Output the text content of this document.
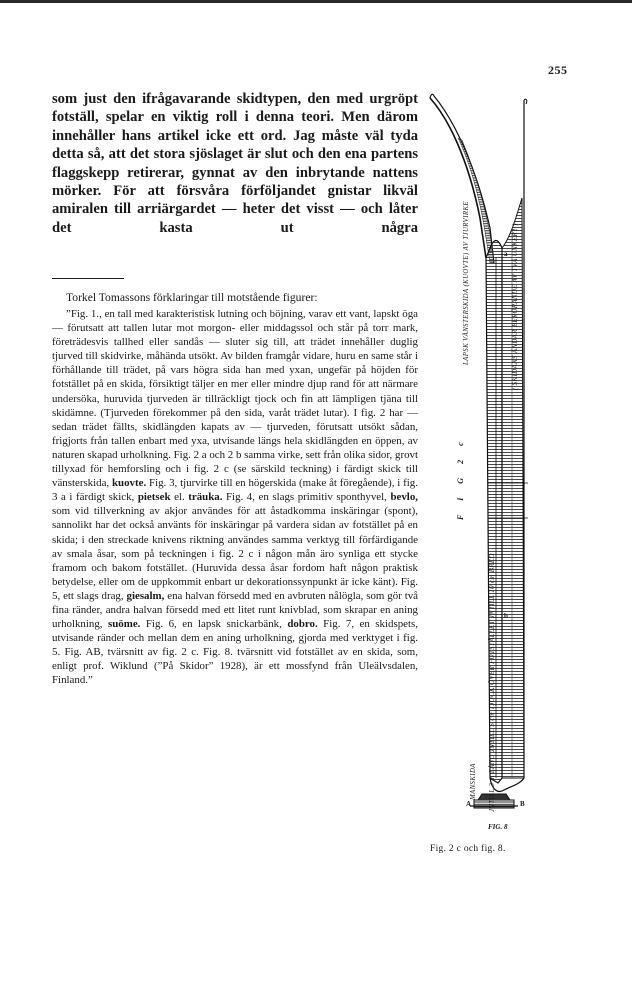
255
som just den ifrågavarande skidtypen, den med urgröpt fotställ, spelar en viktig roll i denna teori. Men därom innehåller hans artikel icke ett ord. Jag måste väl tyda detta så, att det stora sjöslaget är slut och den ena partens flaggskepp retirerar, gynnat av den inbrytande nattens mörker. För att försvåra förföljandet gnistar likväl amiralen till arriärgardet — heter det visst — och låter det kasta ut några
Torkel Tomassons förklaringar till motstående figurer:
”Fig. 1., en tall med karakteristisk lutning och böjning, varav ett vant, lapskt öga — förutsatt att tallen lutar mot morgon- eller middagssol och står på torr mark, företrädesvis tallhed eller sandås — sluter sig till, att trädet innehåller duglig tjurved till skidvirke, måhända utsökt. Av bilden framgår vidare, huru en same står i förhållande till trädet, på vars högra sida han med yxan, ungefär på höjden för fotstället på en skida, försiktigt täljer en mer eller mindre djup rand för att närmare undersöka, huruvida tjurveden är tillräckligt tjock och fin att lämpligen tjäna till skidämne. (Tjurveden förekommer på den sida, varåt trädet lutar). I fig. 2 har — sedan trädet fällts, skidlängden kapats av — tjurveden, förutsatt utsökt sådan, frigjorts från tallen enbart med yxa, utvisande längs hela skidlängden en öppen, av naturen skapad urholkning. Fig. 2 a och 2 b samma virke, sett från olika sidor, grovt tillyxad för hemforsling och i fig. 2 c (se särskild teckning) i färdigt skick till vänsterskida, kuovte. Fig. 3, tjurvirke till en högerskida (make åt föregående), i fig. 3 a i färdigt skick, pietsek el. träuka. Fig. 4, en slags primitiv sponthyvel, bevlo, som vid tillverkning av akjor användes för att åstadkomma inskäringar (spont), sannolikt har det också använts för inskäringar på vardera sidan av fotstället på en skida; i den streckade knivens riktning användes samma verktyg till förfärdigande av smala åsar, som på teckningen i fig. 2 c i någon mån äro synliga ett stycke framom och bakom fotstället. (Huruvida dessa åsar fordom haft någon praktisk betydelse, eller om de uppkommit enbart ur dekorationssynpunkt är icke känt). Fig. 5, ett slags drag, giesalm, ena halvan försedd med en avbruten nålögla, som gör två fina ränder, andra halvan försedd med ett litet runt knivblad, som skrapar en aning urholkning, suöme. Fig. 6, en lapsk snickarbänk, dobro. Fig. 7, en skidspets, utvisande ränder och mellan dem en aning urholkning, gjorda med verktyget i fig. 5. Fig. AB, tvärsnitt av fig. 2 c. Fig. 8. tvärsnitt vid fotstället av en skida, som, enligt prof. Wiklund (”På Skidor” 1928), är ett mossfynd från Uleälvsdalen, Finland.”
F I G 2 c
LAPSK VÄNSTERSKIDA (KUOVTE) AV TJURVIRKE
JNTILL 3 m LÅNG JNTILL 5 cm TJOCK ÖVER FOTSTÄLLET JNTILL 10 cm BRED
( SKIDANS ÄNDAR BERÖRANDE AV TVÅ UNKERT )
MANSKIDA
a
b
A	B
FIG. 8
Fig. 2 c och fig. 8.
